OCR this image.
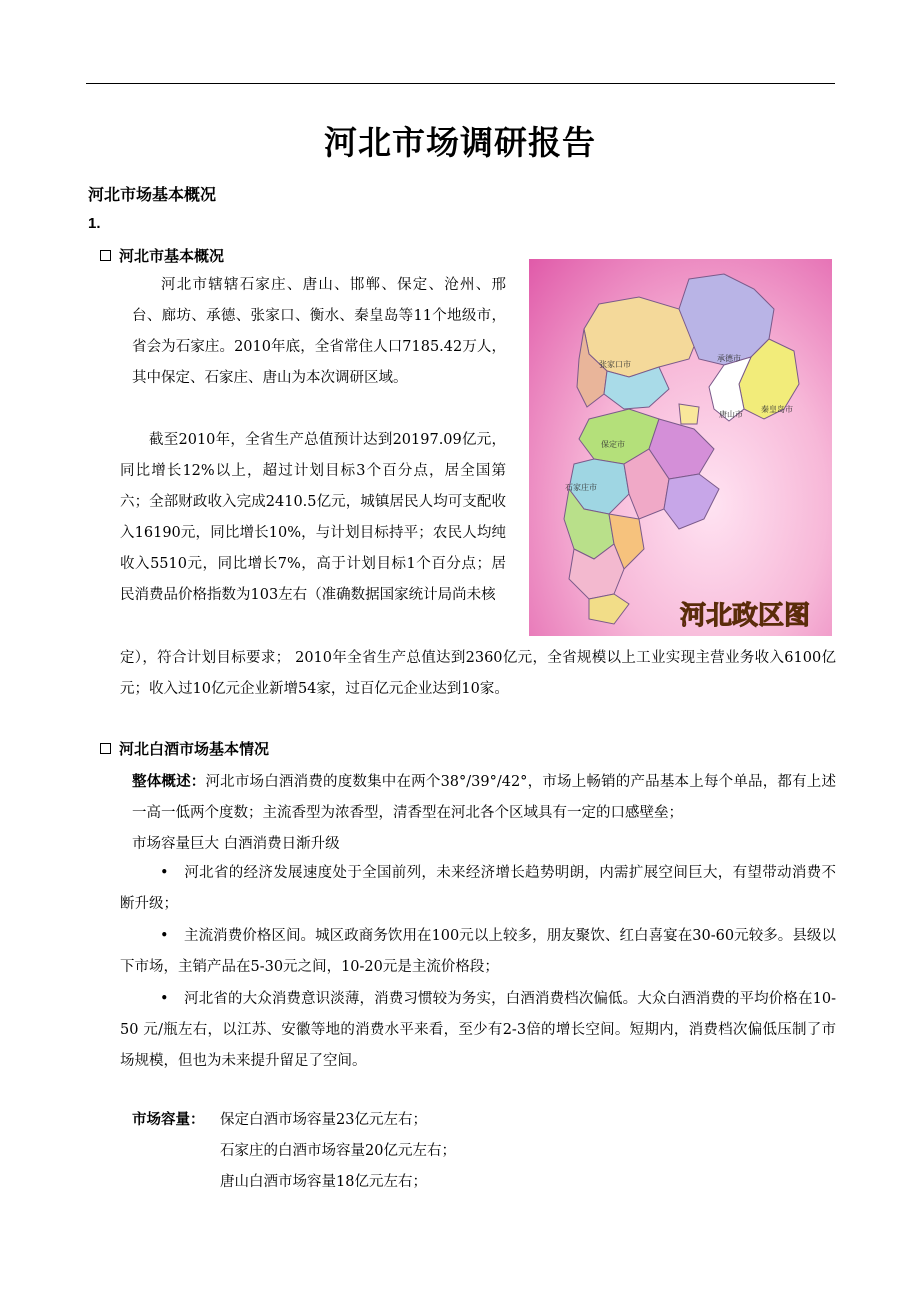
河北市场调研报告
河北市场基本概况
1.
河北市基本概况
河北市辖辖石家庄、唐山、邯郸、保定、沧州、邢台、廊坊、承德、张家口、衡水、秦皇岛等11个地级市，省会为石家庄。2010年底，全省常住人口7185.42万人，其中保定、石家庄、唐山为本次调研区域。
截至2010年，全省生产总值预计达到20197.09亿元，同比增长12%以上，超过计划目标3个百分点，居全国第六；全部财政收入完成2410.5亿元，城镇居民人均可支配收入16190元，同比增长10%，与计划目标持平；农民人均纯收入5510元，同比增长7%，高于计划目标1个百分点；居民消费品价格指数为103左右（准确数据国家统计局尚未核
定），符合计划目标要求； 2010年全省生产总值达到2360亿元，全省规模以上工业实现主营业务收入6100亿元；收入过10亿元企业新增54家，过百亿元企业达到10家。
张家口市
承德市
秦皇岛市
唐山市
石家庄市
保定市
河北政区图
河北白酒市场基本情况
整体概述：河北市场白酒消费的度数集中在两个38°/39°/42°，市场上畅销的产品基本上每个单品，都有上述一高一低两个度数；主流香型为浓香型，清香型在河北各个区域具有一定的口感壁垒；
市场容量巨大 白酒消费日渐升级
• 河北省的经济发展速度处于全国前列，未来经济增长趋势明朗，内需扩展空间巨大，有望带动消费不断升级；
• 主流消费价格区间。城区政商务饮用在100元以上较多，朋友聚饮、红白喜宴在30-60元较多。县级以下市场，主销产品在5-30元之间，10-20元是主流价格段；
• 河北省的大众消费意识淡薄，消费习惯较为务实，白酒消费档次偏低。大众白酒消费的平均价格在10-50 元/瓶左右，以江苏、安徽等地的消费水平来看，至少有2-3倍的增长空间。短期内，消费档次偏低压制了市场规模，但也为未来提升留足了空间。
市场容量： 保定白酒市场容量23亿元左右；
石家庄的白酒市场容量20亿元左右；
唐山白酒市场容量18亿元左右；
